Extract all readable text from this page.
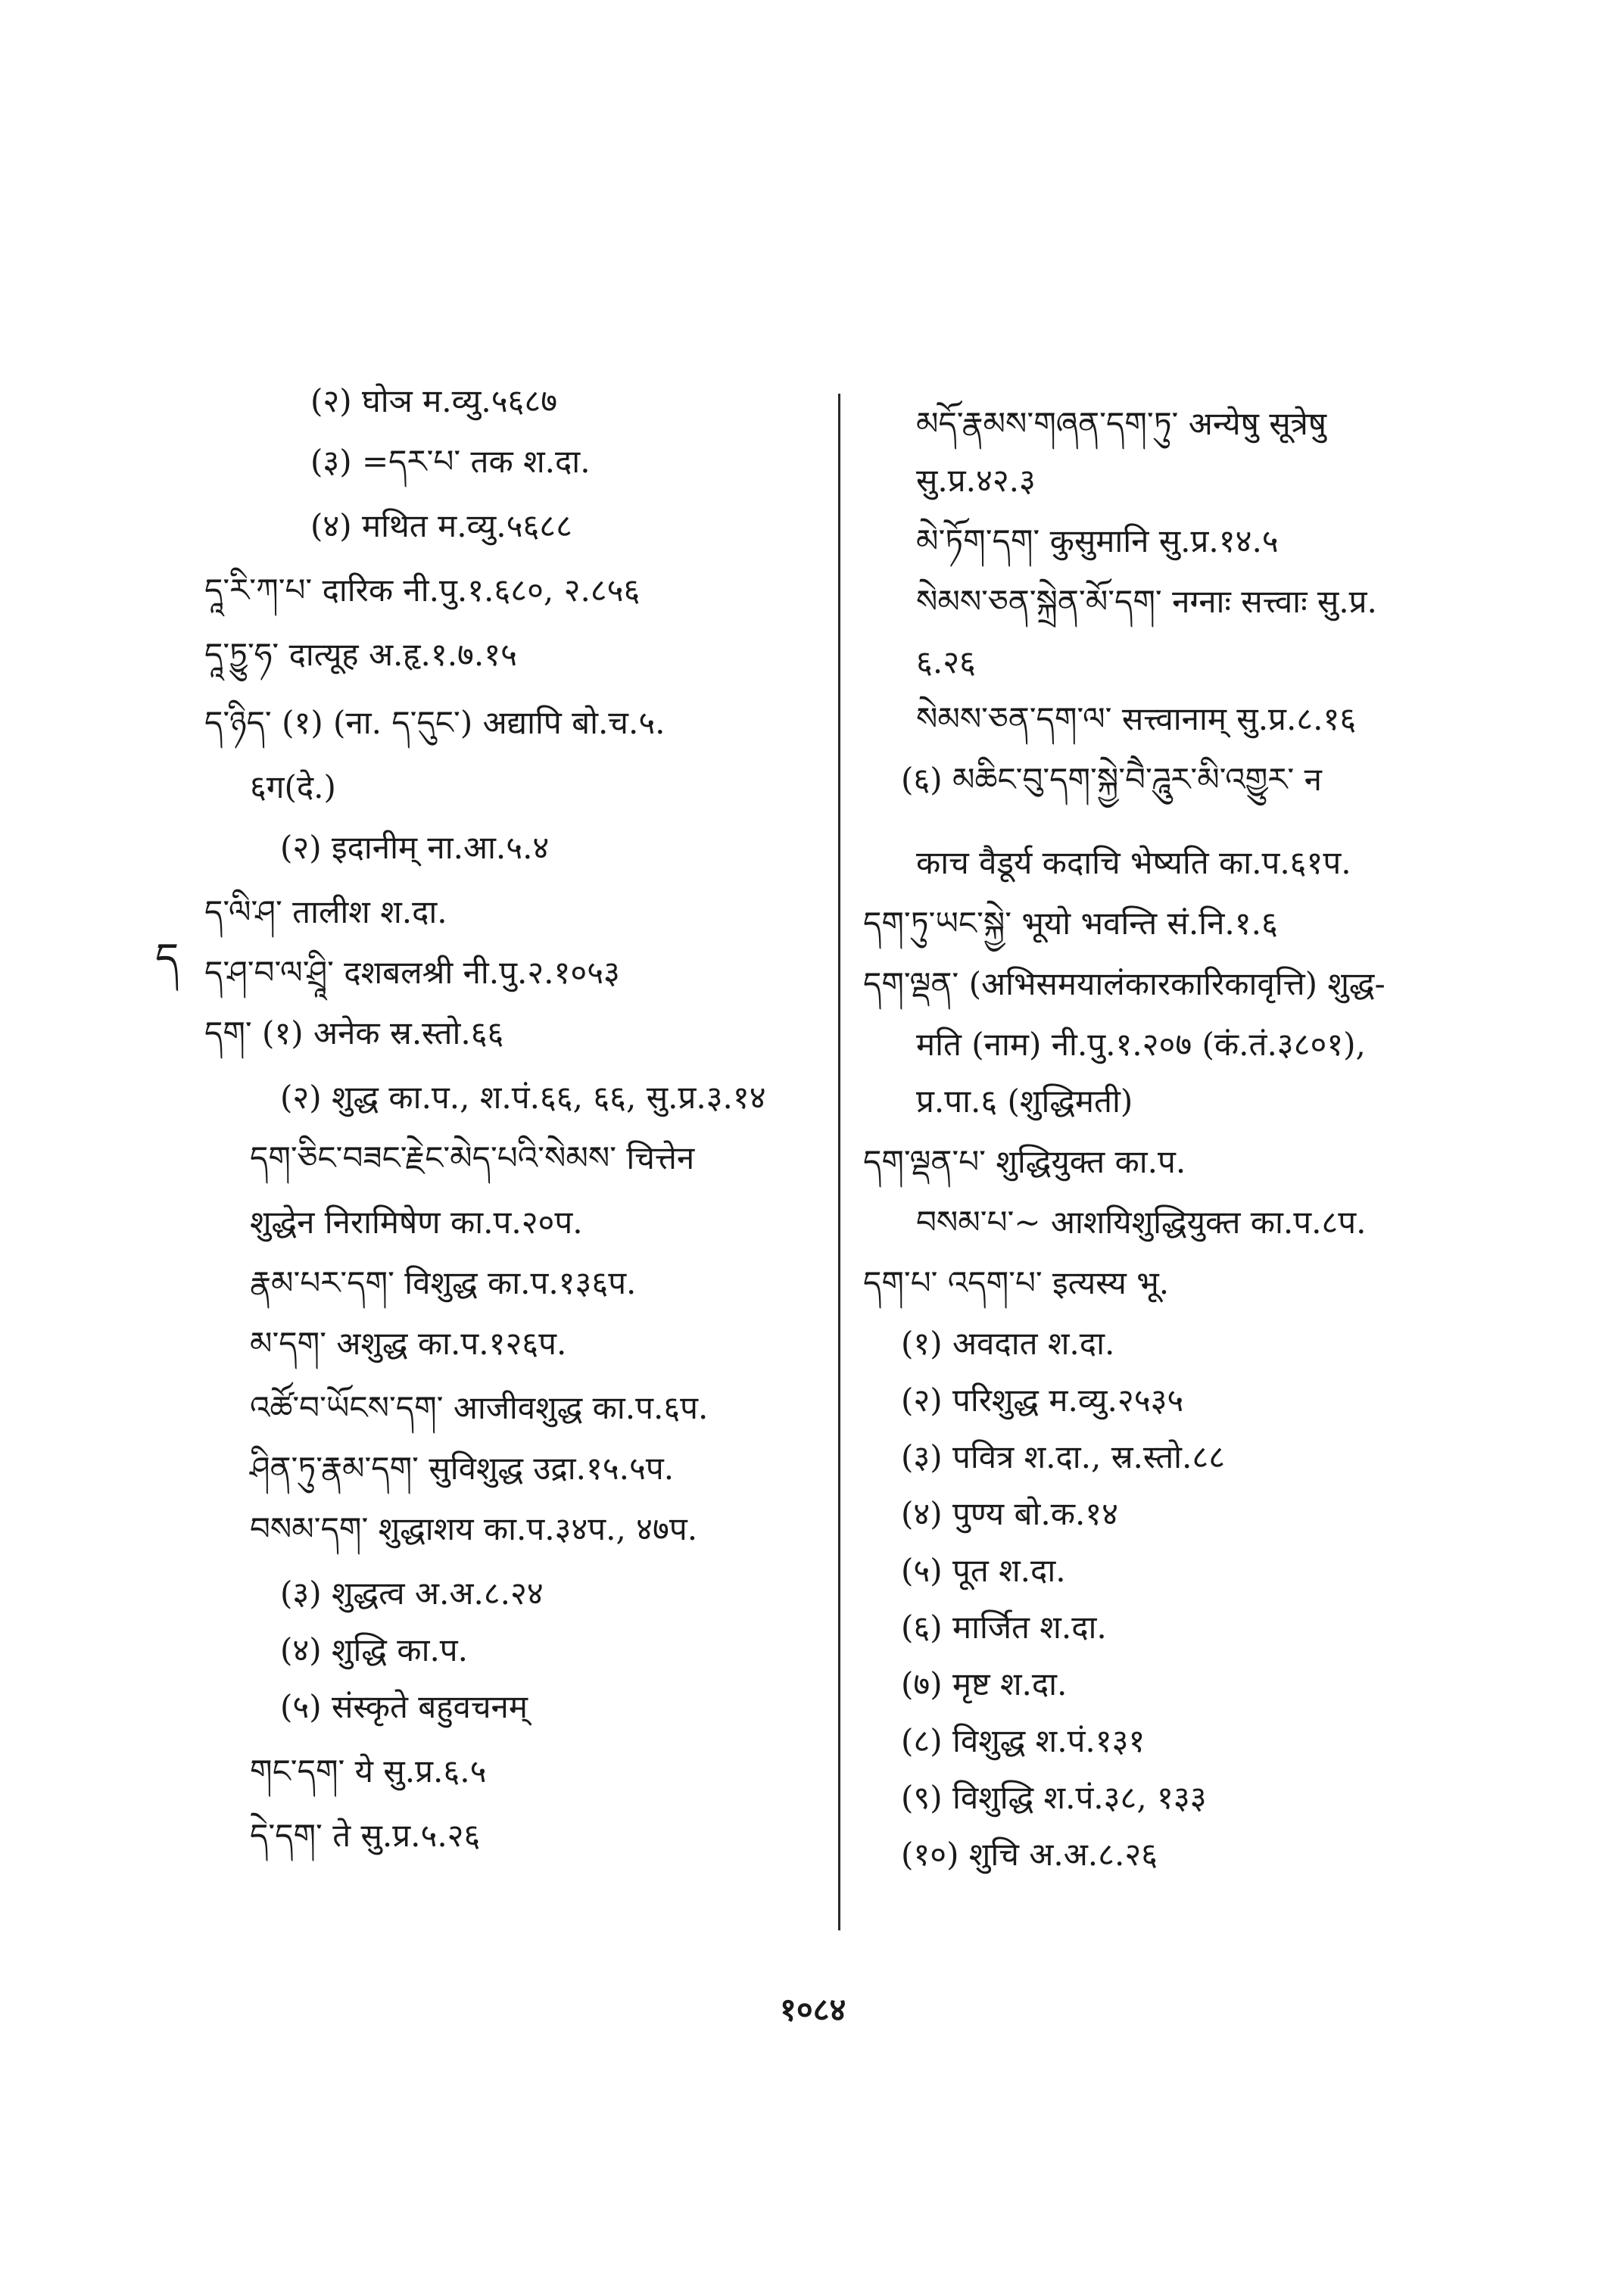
ད
(२) घोञ म.व्यु.५६८७
(३) =དར་པ་ तक श.दा.
(४) मथित म.व्यु.५६८८
དཱ་རི་ཀ་པ་ दारिक नी.पु.१.६८०, २.८५६
དཱ་ཏྱུ་ཧ་ दात्यूह अ.हृ.१.७.१५
ད་ཉིད་ (१) (ना. ད་དུང་) अद्यापि बो.च.५.
६ग(दे.)
(२) इदानीम् ना.आ.५.४
ད་ལི་ཤ་ तालीश श.दा.
ད་ཤ་བ་ལ་ཤྲཱི་ दशबलश्री नी.पु.२.१०५३
དག་ (१) अनेक स्र.स्तो.६६
(२) शुद्ध का.प., श.पं.६६, ६६, सु.प्र.३.१४
དག་ཅིང་བཟང་རྗེང་མེད་པའི་སེམས་ चित्तेन
शुद्धेन निरामिषेण का.प.२०प.
རྣམ་པར་དག་ विशुद्ध का.प.१३६प.
མ་དག་ अशुद्ध का.प.१२६प.
འཚོ་བ་ཡོངས་དག་ आजीवशुद्ध का.प.६प.
ཤིན་ཏུ་རྣམ་དག་ सुविशुद्ध उद्रा.१५.५प.
བསམ་དག་ शुद्धाशय का.प.३४प., ४७प.
(३) शुद्धत्व अ.अ.८.२४
(४) शुद्धि का.प.
(५) संस्कृते बहुवचनम्
གང་དག་ ये सु.प्र.६.५
དེ་དག་ ते सु.प्र.५.२६
མདོ་རྣམས་གཞན་དག་ཏུ་ अन्येषु सूत्रेषु
सु.प्र.४२.३
མེ་ཏོག་དག་ कुसुमानि सु.प्र.१४.५
སེམས་ཅན་སྐྲེན་མོ་དག་ नग्नाः सत्त्वाः सु.प्र.
६.२६
སེམས་ཅན་དག་ལ་ सत्त्वानाम् सु.प्र.८.१६
(६) མཆིང་བུ་དག་སྐྱེ་བཻ་ཌཱུར་མི་འགྱུར་ न
काच वैडूर्य कदाचि भेष्यति का.प.६१प.
དག་ཏུ་ཡང་སྐྱེ་ भूयो भवन्ति सं.नि.१.६
དག་ལྡན་ (अभिसमयालंकारकारिकावृत्ति) शुद्ध-
मति (नाम) नी.पु.१.२०७ (कं.तं.३८०१),
प्र.पा.६ (शुद्धिमती)
དག་ལྡན་པ་ शुद्धियुक्त का.प.
བསམ་པ་~ आशयिशुद्धियुक्त का.प.८प.
དག་པ་ འདག་པ་ इत्यस्य भू.
(१) अवदात श.दा.
(२) परिशुद्ध म.व्यु.२५३५
(३) पवित्र श.दा., स्र.स्तो.८८
(४) पुण्य बो.क.१४
(५) पूत श.दा.
(६) मार्जित श.दा.
(७) मृष्ट श.दा.
(८) विशुद्ध श.पं.१३१
(९) विशुद्धि श.पं.३८, १३३
(१०) शुचि अ.अ.८.२६
१०८४
